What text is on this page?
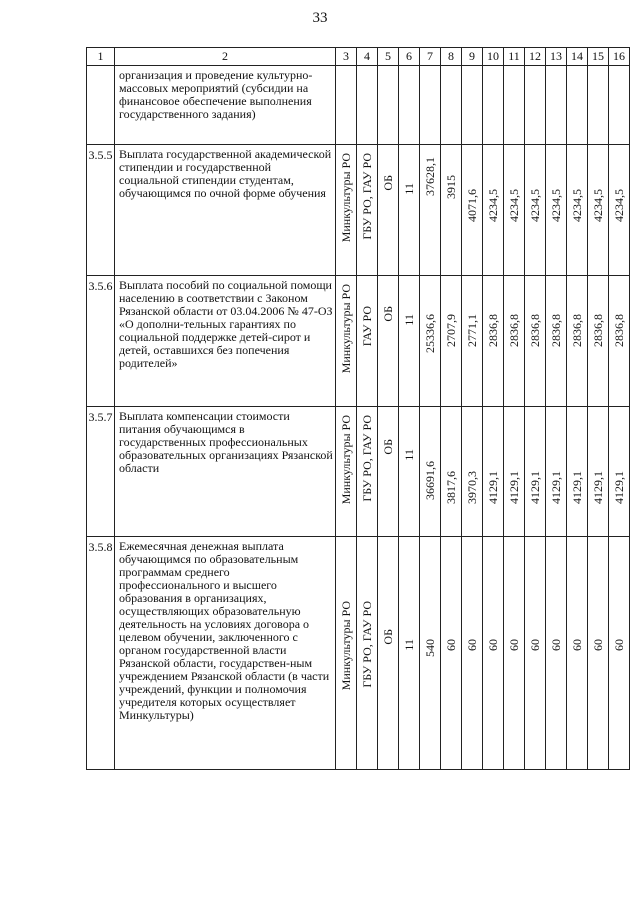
33
1	2	3	4	5	6	7	8	9	10	11	12	13	14	15	16
	организация и проведение культурно-массовых мероприятий (субсидии на финансовое обеспечение выполнения государственного задания)														
3.5.5	Выплата государственной академической стипендии и государственной социальной стипендии студентам, обучающимся по очной форме обучения	Минкультуры РО	ГБУ РО, ГАУ РО	ОБ	11	37628,1	3915	4071,6	4234,5	4234,5	4234,5	4234,5	4234,5	4234,5	4234,5

3.5.6	Выплата пособий по социальной помощи населению в соответствии с Законом Рязанской области от 03.04.2006 № 47-ОЗ «О дополни-тельных гарантиях по социальной поддержке детей-сирот и детей, оставшихся без попечения родителей»	Минкультуры РО	ГАУ РО	ОБ	11	25336,6	2707,9	2771,1	2836,8	2836,8	2836,8	2836,8	2836,8	2836,8	2836,8

3.5.7	Выплата компенсации стоимости питания обучающимся в государственных профессиональных образовательных организациях Рязанской области	Минкультуры РО	ГБУ РО, ГАУ РО	ОБ	11	36691,6	3817,6	3970,3	4129,1	4129,1	4129,1	4129,1	4129,1	4129,1	4129,1

3.5.8	Ежемесячная денежная выплата обучающимся по образовательным программам среднего профессионального и высшего образования в организациях, осуществляющих образовательную деятельность на условиях договора о целевом обучении, заключенного с органом государственной власти Рязанской области, государствен-ным учреждением Рязанской области (в части учреждений, функции и полномочия учредителя которых осуществляет Минкультуры)	Минкультуры РО	ГБУ РО, ГАУ РО	ОБ	11	540	60	60	60	60	60	60	60	60	60
